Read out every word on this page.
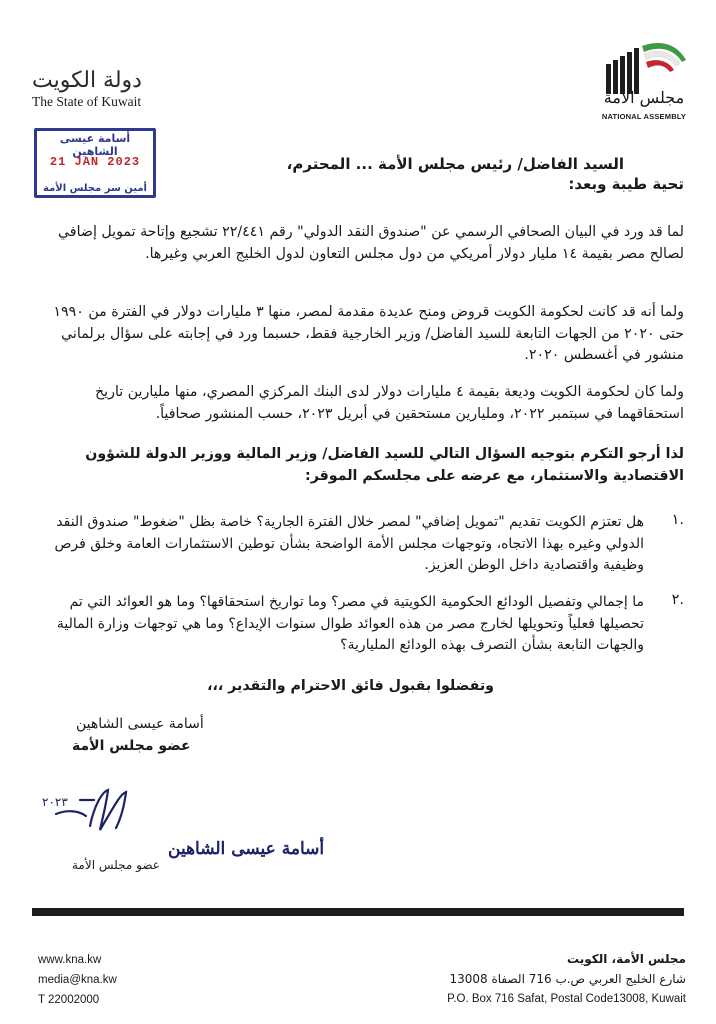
دولة الكويت
The State of Kuwait	مجلس الأمة
NATIONAL ASSEMBLY
أسامة عيسى الشاهين
21 JAN 2023
أمين سر مجلس الأمة
السيد الفاضل/ رئيس مجلس الأمة ... المحترم،
تحية طيبة وبعد:
لما قد ورد في البيان الصحافي الرسمي عن "صندوق النقد الدولي" رقم ٢٢/٤٤١ تشجيع وإتاحة تمويل إضافي لصالح مصر بقيمة ١٤ مليار دولار أمريكي من دول مجلس التعاون لدول الخليج العربي وغيرها.
ولما أنه قد كانت لحكومة الكويت قروض ومنح عديدة مقدمة لمصر، منها ٣ مليارات دولار في الفترة من ١٩٩٠ حتى ٢٠٢٠ من الجهات التابعة للسيد الفاضل/ وزير الخارجية فقط، حسبما ورد في إجابته على سؤال برلماني منشور في أغسطس ٢٠٢٠.
ولما كان لحكومة الكويت وديعة بقيمة ٤ مليارات دولار لدى البنك المركزي المصري، منها مليارين تاريخ استحقاقهما في سبتمبر ٢٠٢٢، ومليارين مستحقين في أبريل ٢٠٢٣، حسب المنشور صحافياً.
لذا أرجو التكرم بتوجيه السؤال التالي للسيد الفاضل/ وزير المالية ووزير الدولة للشؤون الاقتصادية والاستثمار، مع عرضه على مجلسكم الموقر:
.١
هل تعتزم الكويت تقديم "تمويل إضافي" لمصر خلال الفترة الجارية؟ خاصة بظل "ضغوط" صندوق النقد الدولي وغيره بهذا الاتجاه، وتوجهات مجلس الأمة الواضحة بشأن توطين الاستثمارات العامة وخلق فرص وظيفية واقتصادية داخل الوطن العزيز.
.٢
ما إجمالي وتفصيل الودائع الحكومية الكويتية في مصر؟ وما تواريخ استحقاقها؟ وما هو العوائد التي تم تحصيلها فعلياً وتحويلها لخارج مصر من هذه العوائد طوال سنوات الإيداع؟ وما هي توجهات وزارة المالية والجهات التابعة بشأن التصرف بهذه الودائع المليارية؟
وتفضلوا بقبول فائق الاحترام والتقدير ،،،
أسامة عيسى الشاهين
عضو مجلس الأمة
٢٠٢٣
أسامة عيسى الشاهين
عضو مجلس الأمة
www.kna.kw
media@kna.kw
T 22002000
مجلس الأمة، الكويت
شارع الخليج العربي ص.ب 716 الصفاة 13008
P.O. Box 716 Safat, Postal Code13008, Kuwait
